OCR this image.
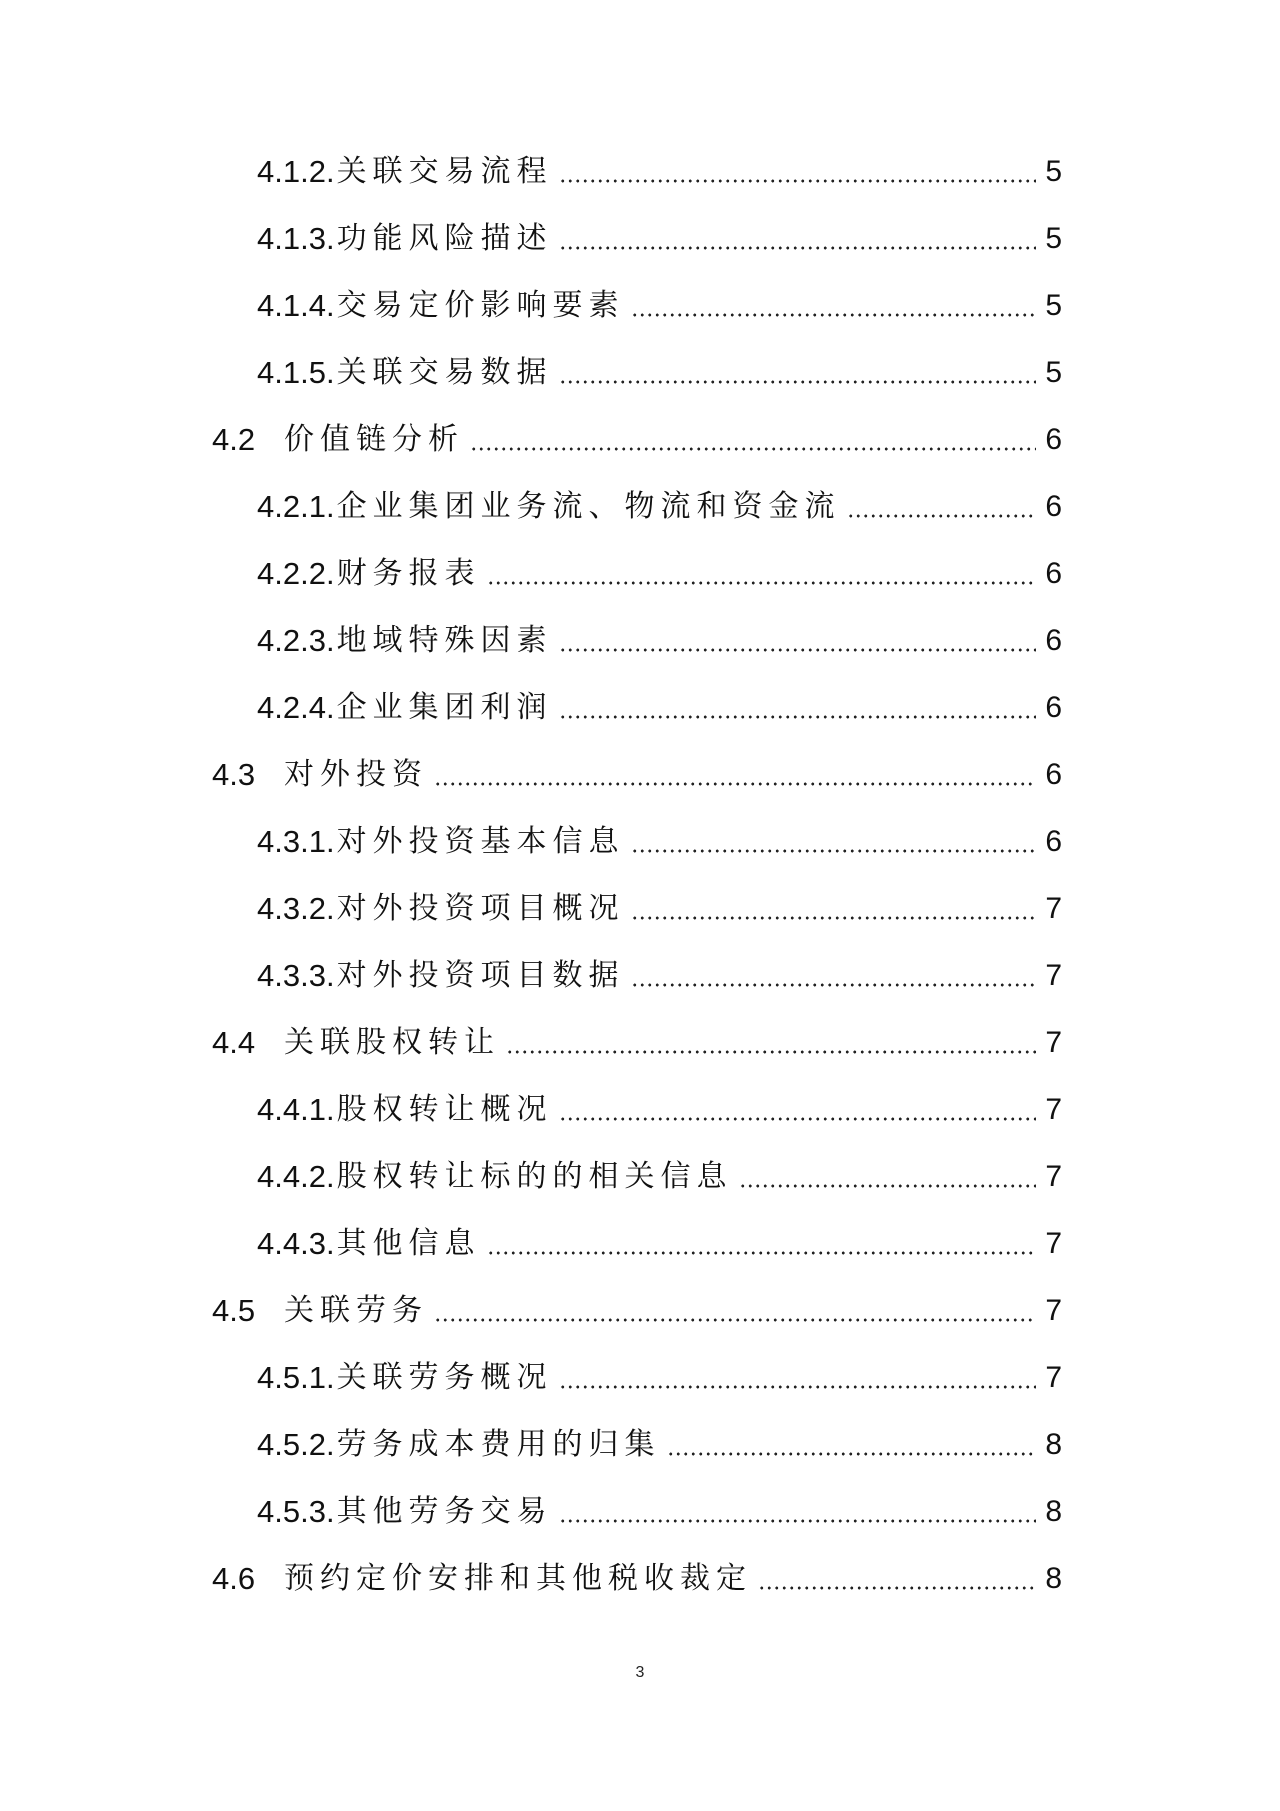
4.1.2. 关联交易流程	5
4.1.3. 功能风险描述	5
4.1.4. 交易定价影响要素	5
4.1.5. 关联交易数据	5
4.2 价值链分析	6
4.2.1. 企业集团业务流、物流和资金流	6
4.2.2. 财务报表	6
4.2.3. 地域特殊因素	6
4.2.4. 企业集团利润	6
4.3 对外投资	6
4.3.1. 对外投资基本信息	6
4.3.2. 对外投资项目概况	7
4.3.3. 对外投资项目数据	7
4.4 关联股权转让	7
4.4.1. 股权转让概况	7
4.4.2. 股权转让标的的相关信息	7
4.4.3. 其他信息	7
4.5 关联劳务	7
4.5.1. 关联劳务概况	7
4.5.2. 劳务成本费用的归集	8
4.5.3. 其他劳务交易	8
4.6 预约定价安排和其他税收裁定	8
3
